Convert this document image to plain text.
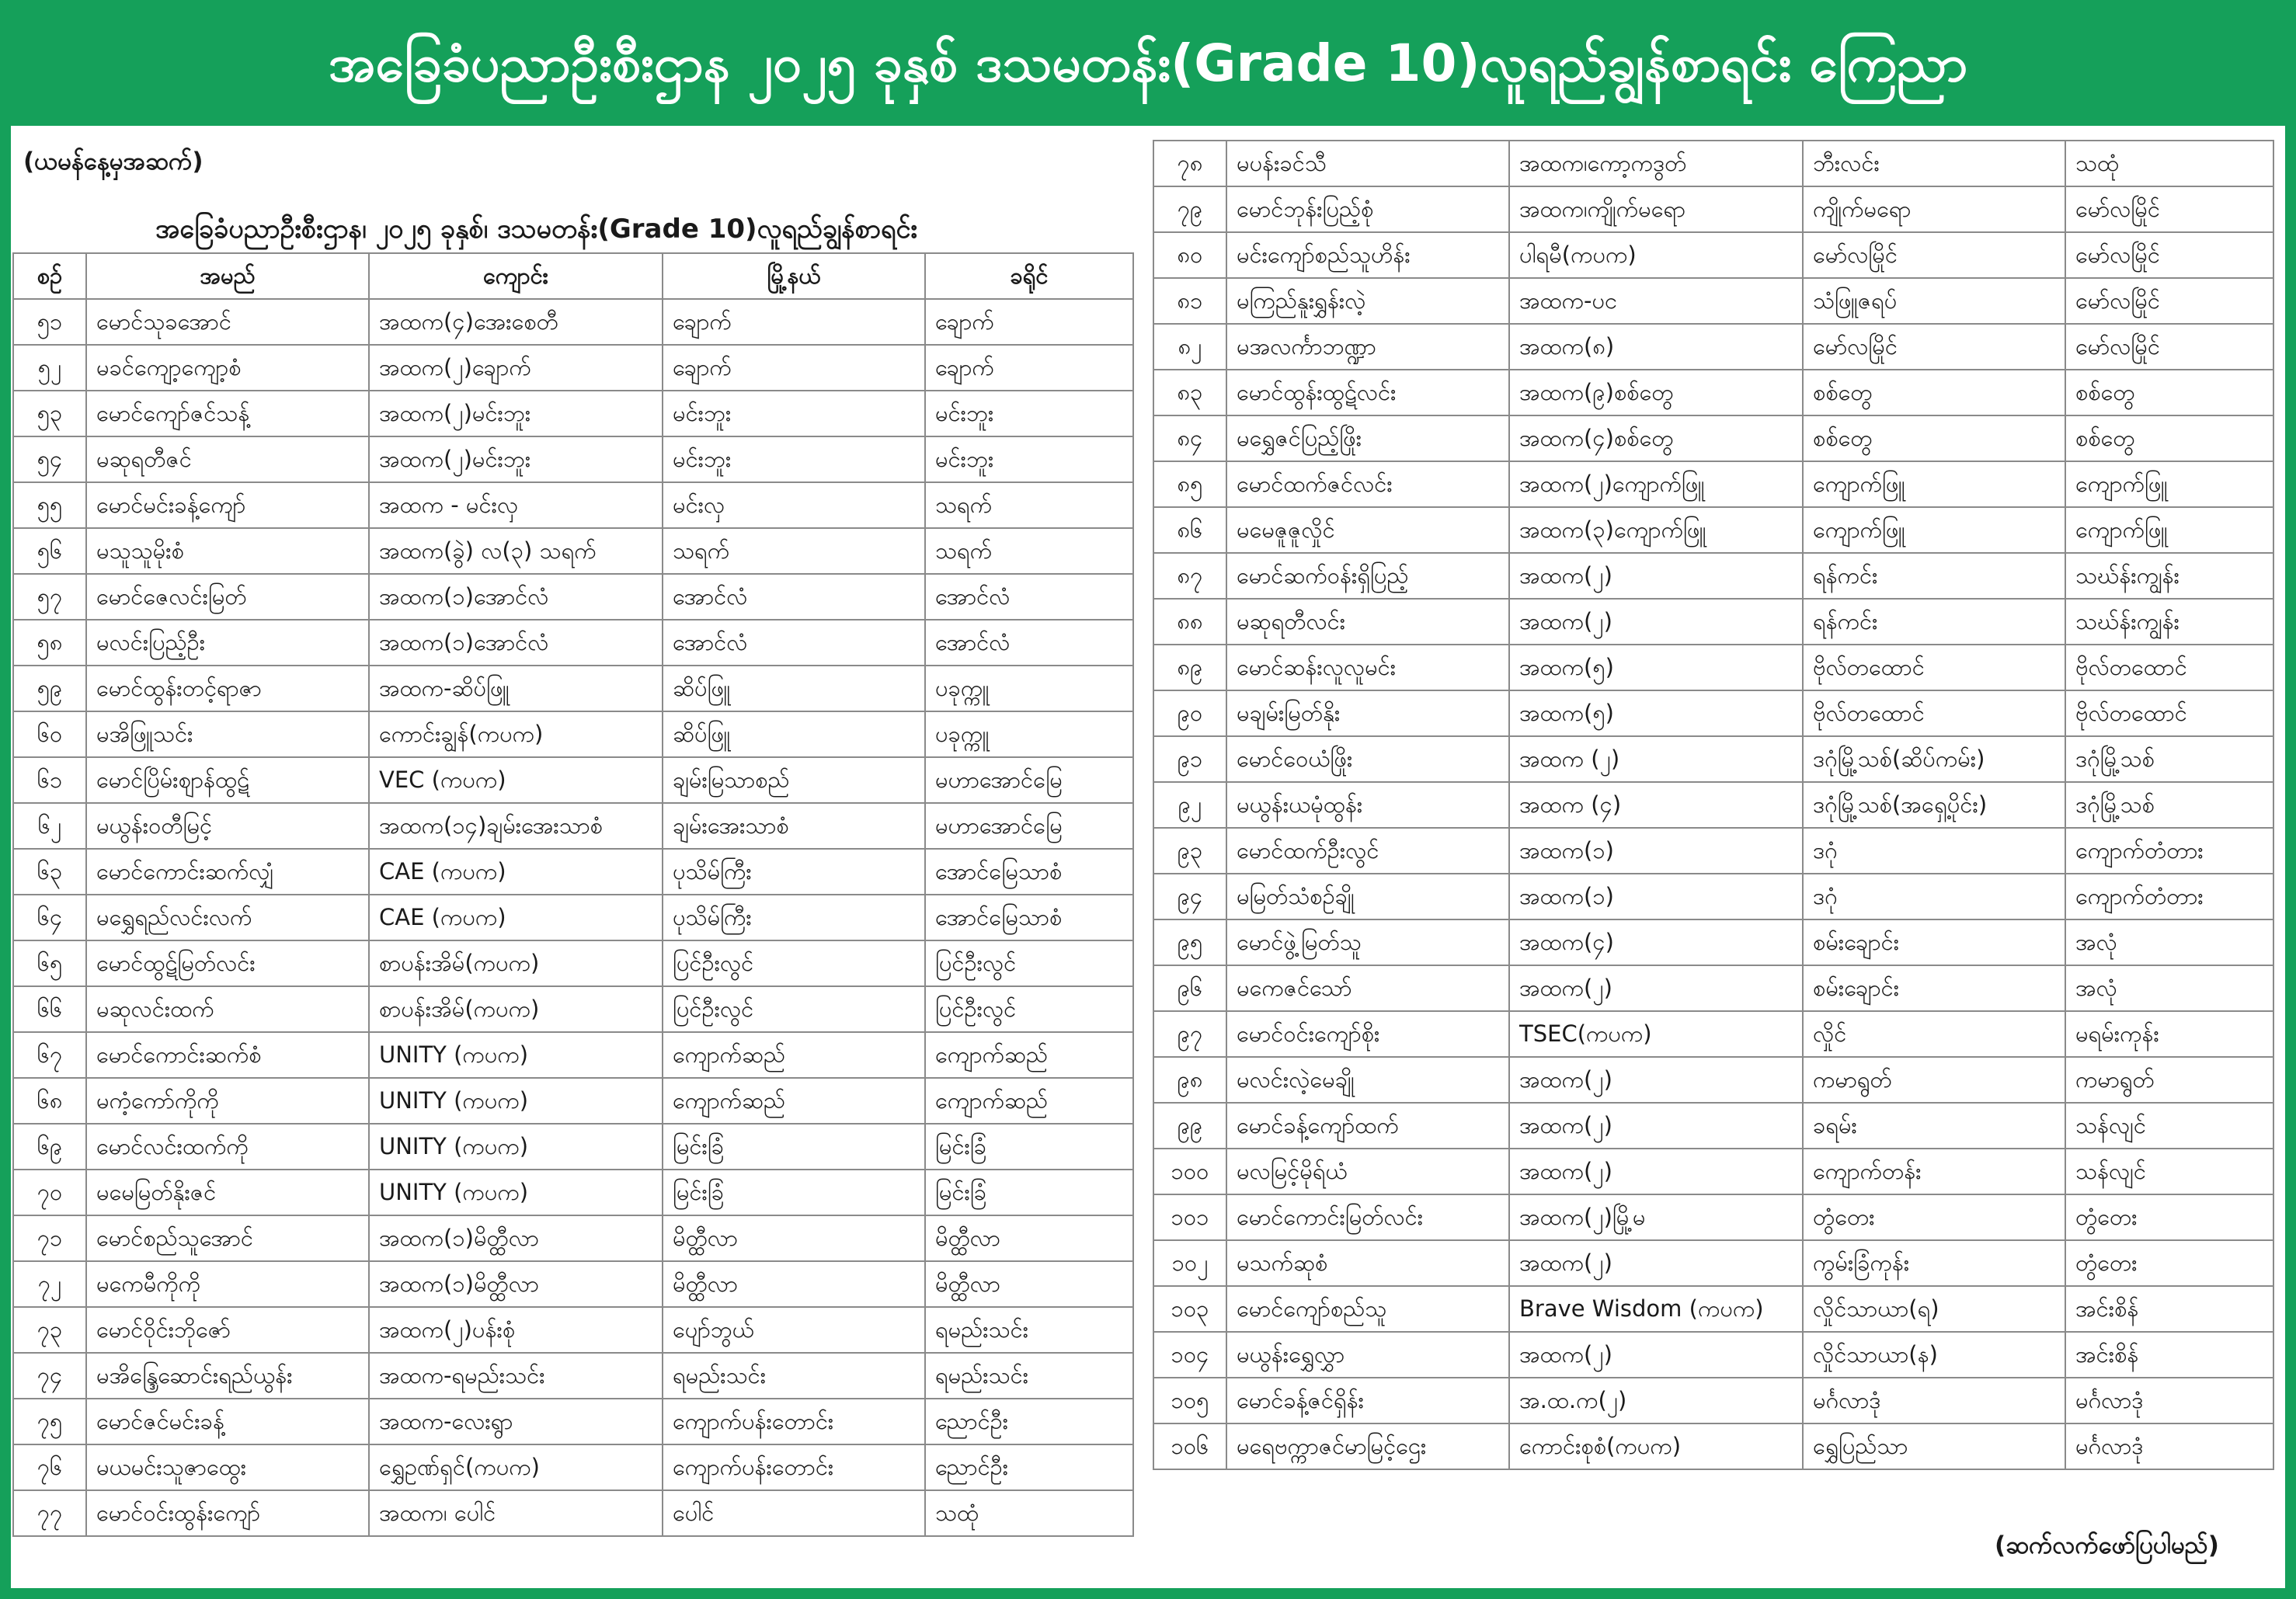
အခြေခံပညာဦးစီးဌာန ၂၀၂၅ ခုနှစ် ဒသမတန်း(Grade 10)လူရည်ချွန်စာရင်း ကြေညာ
(ယမန်နေ့မှအဆက်)
အခြေခံပညာဦးစီးဌာန၊ ၂၀၂၅ ခုနှစ်၊ ဒသမတန်း(Grade 10)လူရည်ချွန်စာရင်း
စဉ်	အမည်	ကျောင်း	မြို့နယ်	ခရိုင်
၅၁	မောင်သုခအောင်	အထက(၄)အေးစေတီ	ချောက်	ချောက်
၅၂	မခင်ကျော့ကျော့စံ	အထက(၂)ချောက်	ချောက်	ချောက်
၅၃	မောင်ကျော်ဇင်သန့်	အထက(၂)မင်းဘူး	မင်းဘူး	မင်းဘူး
၅၄	မဆုရတီဇင်	အထက(၂)မင်းဘူး	မင်းဘူး	မင်းဘူး
၅၅	မောင်မင်းခန့်ကျော်	အထက - မင်းလှ	မင်းလှ	သရက်
၅၆	မသူသူမိုးစံ	အထက(ခွဲ) လ(၃) သရက်	သရက်	သရက်
၅၇	မောင်ဇေလင်းမြတ်	အထက(၁)အောင်လံ	အောင်လံ	အောင်လံ
၅၈	မလင်းပြည့်ဦး	အထက(၁)အောင်လံ	အောင်လံ	အောင်လံ
၅၉	မောင်ထွန်းတင့်ရာဇာ	အထက-ဆိပ်ဖြူ	ဆိပ်ဖြူ	ပခုက္ကူ
၆၀	မအိဖြူသင်း	ကောင်းချွန်(ကပက)	ဆိပ်ဖြူ	ပခုက္ကူ
၆၁	မောင်ပြိမ်းဈာန်ထွဋ်	VEC (ကပက)	ချမ်းမြသာစည်	မဟာအောင်မြေ
၆၂	မယွန်းဝတီမြင့်	အထက(၁၄)ချမ်းအေးသာစံ	ချမ်းအေးသာစံ	မဟာအောင်မြေ
၆၃	မောင်ကောင်းဆက်လျှံ	CAE (ကပက)	ပုသိမ်ကြီး	အောင်မြေသာစံ
၆၄	မရွှေရည်လင်းလက်	CAE (ကပက)	ပုသိမ်ကြီး	အောင်မြေသာစံ
၆၅	မောင်ထွဋ်မြတ်လင်း	စာပန်းအိမ်(ကပက)	ပြင်ဦးလွင်	ပြင်ဦးလွင်
၆၆	မဆုလင်းထက်	စာပန်းအိမ်(ကပက)	ပြင်ဦးလွင်	ပြင်ဦးလွင်
၆၇	မောင်ကောင်းဆက်စံ	UNITY (ကပက)	ကျောက်ဆည်	ကျောက်ဆည်
၆၈	မကံ့ကော်ကိုကို	UNITY (ကပက)	ကျောက်ဆည်	ကျောက်ဆည်
၆၉	မောင်လင်းထက်ကို	UNITY (ကပက)	မြင်းခြံ	မြင်းခြံ
၇၀	မမေမြတ်နိုးဇင်	UNITY (ကပက)	မြင်းခြံ	မြင်းခြံ
၇၁	မောင်စည်သူအောင်	အထက(၁)မိတ္ထီလာ	မိတ္ထီလာ	မိတ္ထီလာ
၇၂	မကေမီကိုကို	အထက(၁)မိတ္ထီလာ	မိတ္ထီလာ	မိတ္ထီလာ
၇၃	မောင်ဝိုင်းဘိုဇော်	အထက(၂)ပန်းစုံ	ပျော်ဘွယ်	ရမည်းသင်း
၇၄	မအိန္ဒြေဆောင်းရည်ယွန်း	အထက-ရမည်းသင်း	ရမည်းသင်း	ရမည်းသင်း
၇၅	မောင်ဇင်မင်းခန့်	အထက-လေးရွာ	ကျောက်ပန်းတောင်း	ညောင်ဦး
၇၆	မယမင်းသူဇာထွေး	ရွှေဥဏ်ရှင်(ကပက)	ကျောက်ပန်းတောင်း	ညောင်ဦး
၇၇	မောင်ဝင်းထွန်းကျော်	အထက၊ ပေါင်	ပေါင်	သထုံ
၇၈	မပန်းခင်သီ	အထက၊ကော့ကဒွတ်	ဘီးလင်း	သထုံ
၇၉	မောင်ဘုန်းပြည့်စုံ	အထက၊ကျိုက်မရော	ကျိုက်မရော	မော်လမြိုင်
၈၀	မင်းကျော်စည်သူဟိန်း	ပါရမီ(ကပက)	မော်လမြိုင်	မော်လမြိုင်
၈၁	မကြည်နူးရွှန်းလဲ့	အထက-ပင	သံဖြူဇရပ်	မော်လမြိုင်
၈၂	မအလင်္ကာဘဏ္ဍာ	အထက(၈)	မော်လမြိုင်	မော်လမြိုင်
၈၃	မောင်ထွန်းထွဋ်လင်း	အထက(၉)စစ်တွေ	စစ်တွေ	စစ်တွေ
၈၄	မရွှေဇင်ပြည့်ဖြိုး	အထက(၄)စစ်တွေ	စစ်တွေ	စစ်တွေ
၈၅	မောင်ထက်ဇင်လင်း	အထက(၂)ကျောက်ဖြူ	ကျောက်ဖြူ	ကျောက်ဖြူ
၈၆	မမေဇူဇူလှိုင်	အထက(၃)ကျောက်ဖြူ	ကျောက်ဖြူ	ကျောက်ဖြူ
၈၇	မောင်ဆက်ဝန်းရှိပြည့်	အထက(၂)	ရန်ကင်း	သဃ်န်းကျွန်း
၈၈	မဆုရတီလင်း	အထက(၂)	ရန်ကင်း	သဃ်န်းကျွန်း
၈၉	မောင်ဆန်းလူလူမင်း	အထက(၅)	ဗိုလ်တထောင်	ဗိုလ်တထောင်
၉၀	မချမ်းမြတ်နိုး	အထက(၅)	ဗိုလ်တထောင်	ဗိုလ်တထောင်
၉၁	မောင်ဝေယံဖြိုး	အထက (၂)	ဒဂုံမြို့သစ်(ဆိပ်ကမ်း)	ဒဂုံမြို့သစ်
၉၂	မယွန်းယမုံထွန်း	အထက (၄)	ဒဂုံမြို့သစ်(အရှေ့ပိုင်း)	ဒဂုံမြို့သစ်
၉၃	မောင်ထက်ဦးလွင်	အထက(၁)	ဒဂုံ	ကျောက်တံတား
၉၄	မမြတ်သံစဉ်ချို	အထက(၁)	ဒဂုံ	ကျောက်တံတား
၉၅	မောင်ဖွဲ့မြတ်သူ	အထက(၄)	စမ်းချောင်း	အလုံ
၉၆	မကေဇင်သော်	အထက(၂)	စမ်းချောင်း	အလုံ
၉၇	မောင်ဝင်းကျော်စိုး	TSEC(ကပက)	လှိုင်	မရမ်းကုန်း
၉၈	မလင်းလဲ့မေချို	အထက(၂)	ကမာရွတ်	ကမာရွတ်
၉၉	မောင်ခန့်ကျော်ထက်	အထက(၂)	ခရမ်း	သန်လျင်
၁၀၀	မလမြင့်မိုရ်ယံ	အထက(၂)	ကျောက်တန်း	သန်လျင်
၁၀၁	မောင်ကောင်းမြတ်လင်း	အထက(၂)မြို့မ	တွံတေး	တွံတေး
၁၀၂	မသက်ဆုစံ	အထက(၂)	ကွမ်းခြံကုန်း	တွံတေး
၁၀၃	မောင်ကျော်စည်သူ	Brave Wisdom (ကပက)	လှိုင်သာယာ(ရ)	အင်းစိန်
၁၀၄	မယွန်းရွှေလွှာ	အထက(၂)	လှိုင်သာယာ(န)	အင်းစိန်
၁၀၅	မောင်ခန့်ဇင်ရှိန်း	အ.ထ.က(၂)	မင်္ဂလာဒုံ	မင်္ဂလာဒုံ
၁၀၆	မရေဗက္ကာဇင်မာမြင့်ဌေး	ကောင်းစုစံ(ကပက)	ရွှေပြည်သာ	မင်္ဂလာဒုံ
(ဆက်လက်ဖော်ပြပါမည်)
